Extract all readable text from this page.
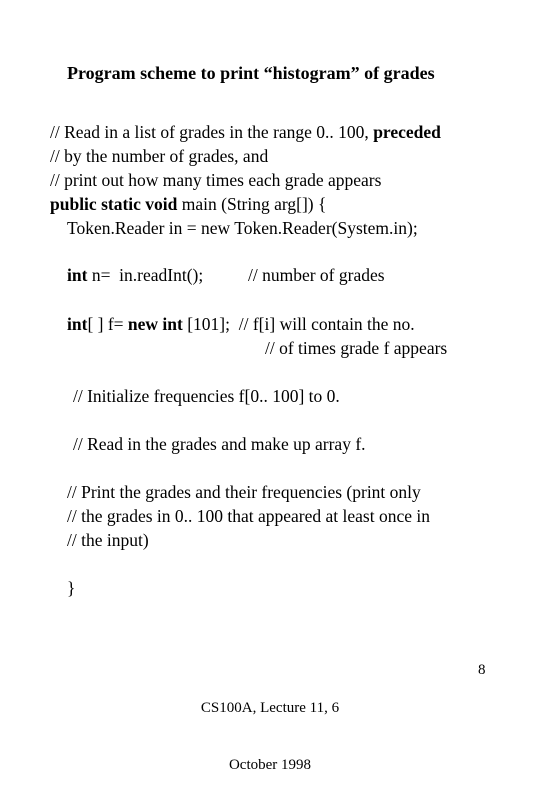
Program scheme to print “histogram” of grades
// Read in a list of grades in the range 0.. 100, preceded
// by the number of grades, and
// print out how many times each grade appears
public static void main (String arg[]) {
Token.Reader in = new Token.Reader(System.in);
int n=  in.readInt();	// number of grades
int[ ] f= new int [101];  // f[i] will contain the no.
// of times grade f appears
// Initialize frequencies f[0.. 100] to 0.
// Read in the grades and make up array f.
// Print the grades and their frequencies (print only
// the grades in 0.. 100 that appeared at least once in
// the input)
}

CS100A, Lecture 11, 6

October 1998

8
